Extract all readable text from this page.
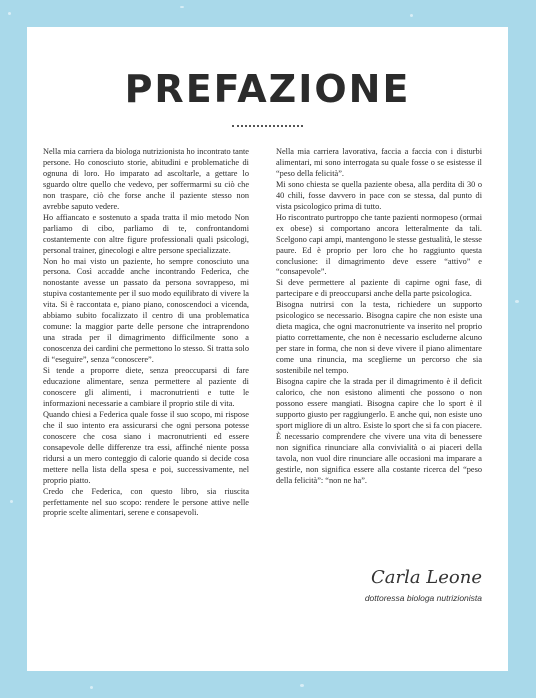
PREFAZIONE

Nella mia carriera da biologa nutrizionista ho incontrato tante persone. Ho conosciuto storie, abitudini e problematiche di ognuna di loro. Ho imparato ad ascoltarle, a gettare lo sguardo oltre quello che vedevo, per soffermarmi su ciò che non traspare, ciò che forse anche il paziente stesso non avrebbe saputo vedere.

Ho affiancato e sostenuto a spada tratta il mio metodo Non parliamo di cibo, parliamo di te, confrontandomi costantemente con altre figure professionali quali psicologi, personal trainer, ginecologi e altre persone specializzate.

Non ho mai visto un paziente, ho sempre conosciuto una persona. Così accadde anche incontrando Federica, che nonostante avesse un passato da persona sovrappeso, mi stupiva costantemente per il suo modo equilibrato di vivere la vita. Si è raccontata e, piano piano, conoscendoci a vicenda, abbiamo subito focalizzato il centro di una problematica comune: la maggior parte delle persone che intraprendono una strada per il dimagrimento difficilmente sono a conoscenza dei cardini che permettono lo stesso. Si tratta solo di “eseguire”, senza “conoscere”.

Si tende a proporre diete, senza preoccuparsi di fare educazione alimentare, senza permettere al paziente di conoscere gli alimenti, i macronutrienti e tutte le informazioni necessarie a cambiare il proprio stile di vita.

Quando chiesi a Federica quale fosse il suo scopo, mi rispose che il suo intento era assicurarsi che ogni persona potesse conoscere che cosa siano i macronutrienti ed essere consapevole delle differenze tra essi, affinché niente possa ridursi a un mero conteggio di calorie quando si decide cosa mettere nella lista della spesa e poi, successivamente, nel proprio piatto.

Credo che Federica, con questo libro, sia riuscita perfettamente nel suo scopo: rendere le persone attive nelle proprie scelte alimentari, serene e consapevoli.

Nella mia carriera lavorativa, faccia a faccia con i disturbi alimentari, mi sono interrogata su quale fosse o se esistesse il “peso della felicità”.

Mi sono chiesta se quella paziente obesa, alla perdita di 30 o 40 chili, fosse davvero in pace con se stessa, dal punto di vista psicologico prima di tutto.

Ho riscontrato purtroppo che tante pazienti normopeso (ormai ex obese) si comportano ancora letteralmente da tali. Scelgono capi ampi, mantengono le stesse gestualità, le stesse paure. Ed è proprio per loro che ho raggiunto questa conclusione: il dimagrimento deve essere “attivo” e “consapevole”.

Si deve permettere al paziente di capirne ogni fase, di partecipare e di preoccuparsi anche della parte psicologica.

Bisogna nutrirsi con la testa, richiedere un supporto psicologico se necessario. Bisogna capire che non esiste una dieta magica, che ogni macronutriente va inserito nel proprio piatto correttamente, che non è necessario escluderne alcuno per stare in forma, che non si deve vivere il piano alimentare come una rinuncia, ma sceglierne un percorso che sia sostenibile nel tempo.

Bisogna capire che la strada per il dimagrimento è il deficit calorico, che non esistono alimenti che possono o non possono essere mangiati. Bisogna capire che lo sport è il supporto giusto per raggiungerlo. E anche qui, non esiste uno sport migliore di un altro. Esiste lo sport che si fa con piacere. È necessario comprendere che vivere una vita di benessere non significa rinunciare alla convivialità o ai piaceri della tavola, non vuol dire rinunciare alle occasioni ma imparare a gestirle, non significa essere alla costante ricerca del “peso della felicità”: “non ne ha”.

Carla Leone
dottoressa biologa nutrizionista
